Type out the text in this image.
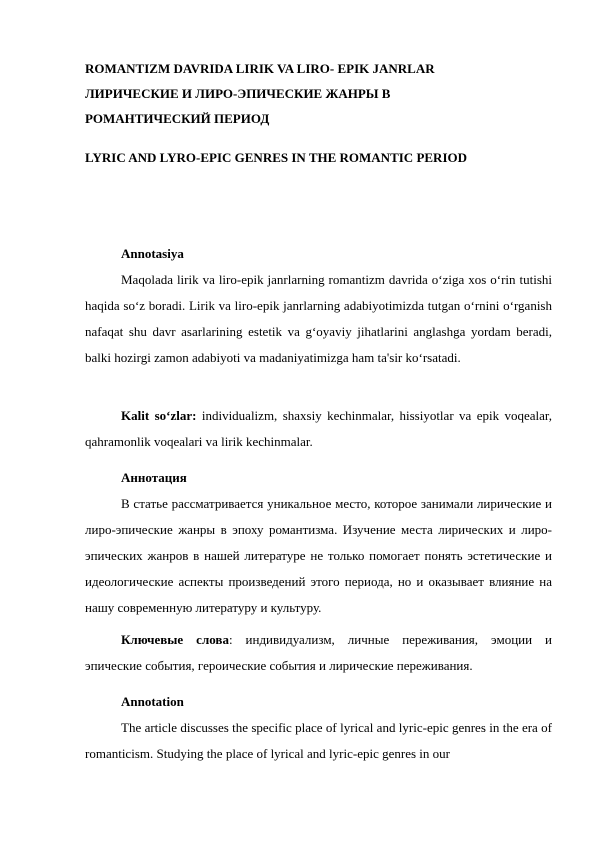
ROMANTIZM DAVRIDA LIRIK VA LIRO- EPIK JANRLAR
ЛИРИЧЕСКИЕ И ЛИРО-ЭПИЧЕСКИЕ ЖАНРЫ В
РОМАНТИЧЕСКИЙ ПЕРИОД
LYRIC AND LYRO-EPIC GENRES IN THE ROMANTIC PERIOD
Annotasiya

Maqolada lirik va liro-epik janrlarning romantizm davrida o‘ziga xos o‘rin tutishi haqida so‘z boradi. Lirik va liro-epik janrlarning adabiyotimizda tutgan o‘rnini o‘rganish nafaqat shu davr asarlarining estetik va g‘oyaviy jihatlarini anglashga yordam beradi, balki hozirgi zamon adabiyoti va madaniyatimizga ham ta'sir ko‘rsatadi.

Kalit so‘zlar: individualizm, shaxsiy kechinmalar, hissiyotlar va epik voqealar, qahramonlik voqealari va lirik kechinmalar.

Аннотация

В статье рассматривается уникальное место, которое занимали лирические и лиро-эпические жанры в эпоху романтизма. Изучение места лирических и лиро-эпических жанров в нашей литературе не только помогает понять эстетические и идеологические аспекты произведений этого периода, но и оказывает влияние на нашу современную литературу и культуру.

Ключевые слова: индивидуализм, личные переживания, эмоции и эпические события, героические события и лирические переживания.

Annotation

The article discusses the specific place of lyrical and lyric-epic genres in the era of romanticism. Studying the place of lyrical and lyric-epic genres in our
